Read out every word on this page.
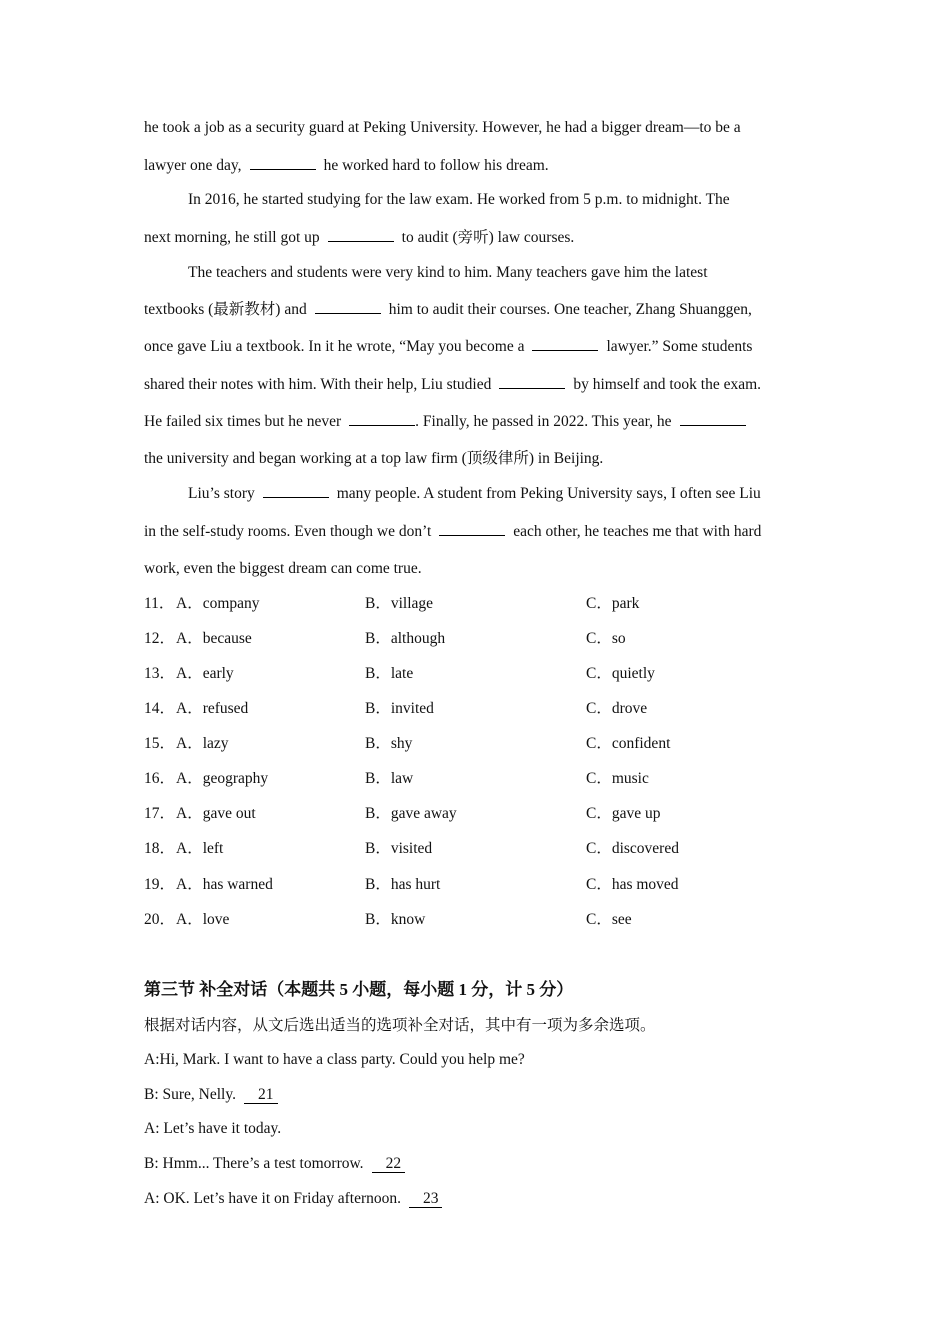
he took a job as a security guard at Peking University. However, he had a bigger dream—to be a
lawyer one day,	he worked hard to follow his dream.
In 2016, he started studying for the law exam. He worked from 5 p.m. to midnight. The
next morning, he still got up	to audit (旁听) law courses.
The teachers and students were very kind to him. Many teachers gave him the latest
textbooks (最新教材) and	him to audit their courses. One teacher, Zhang Shuanggen,
once gave Liu a textbook. In it he wrote, “May you become a	lawyer.” Some students
shared their notes with him. With their help, Liu studied	by himself and took the exam.
He failed six times but he never	. Finally, he passed in 2022. This year, he
the university and began working at a top law firm (顶级律所) in Beijing.
Liu’s story	many people. A student from Peking University says, I often see Liu
in the self-study rooms. Even though we don’t	each other, he teaches me that with hard
work, even the biggest dream can come true.
11． A．company	B．village	C．park
12． A．because	B．although	C．so
13． A．early	B．late	C．quietly
14． A．refused	B．invited	C．drove
15． A．lazy	B．shy	C．confident
16． A．geography	B．law	C．music
17． A．gave out	B．gave away	C．gave up
18． A．left	B．visited	C．discovered
19． A．has warned	B．has hurt	C．has moved
20． A．love	B．know	C．see
第三节 补全对话（本题共 5 小题，每小题 1 分，计 5 分）
根据对话内容，从文后选出适当的选项补全对话，其中有一项为多余选项。
A:Hi, Mark. I want to have a class party. Could you help me?
B: Sure, Nelly. 21
A: Let’s have it today.
B: Hmm... There’s a test tomorrow. 22
A: OK. Let’s have it on Friday afternoon. 23
